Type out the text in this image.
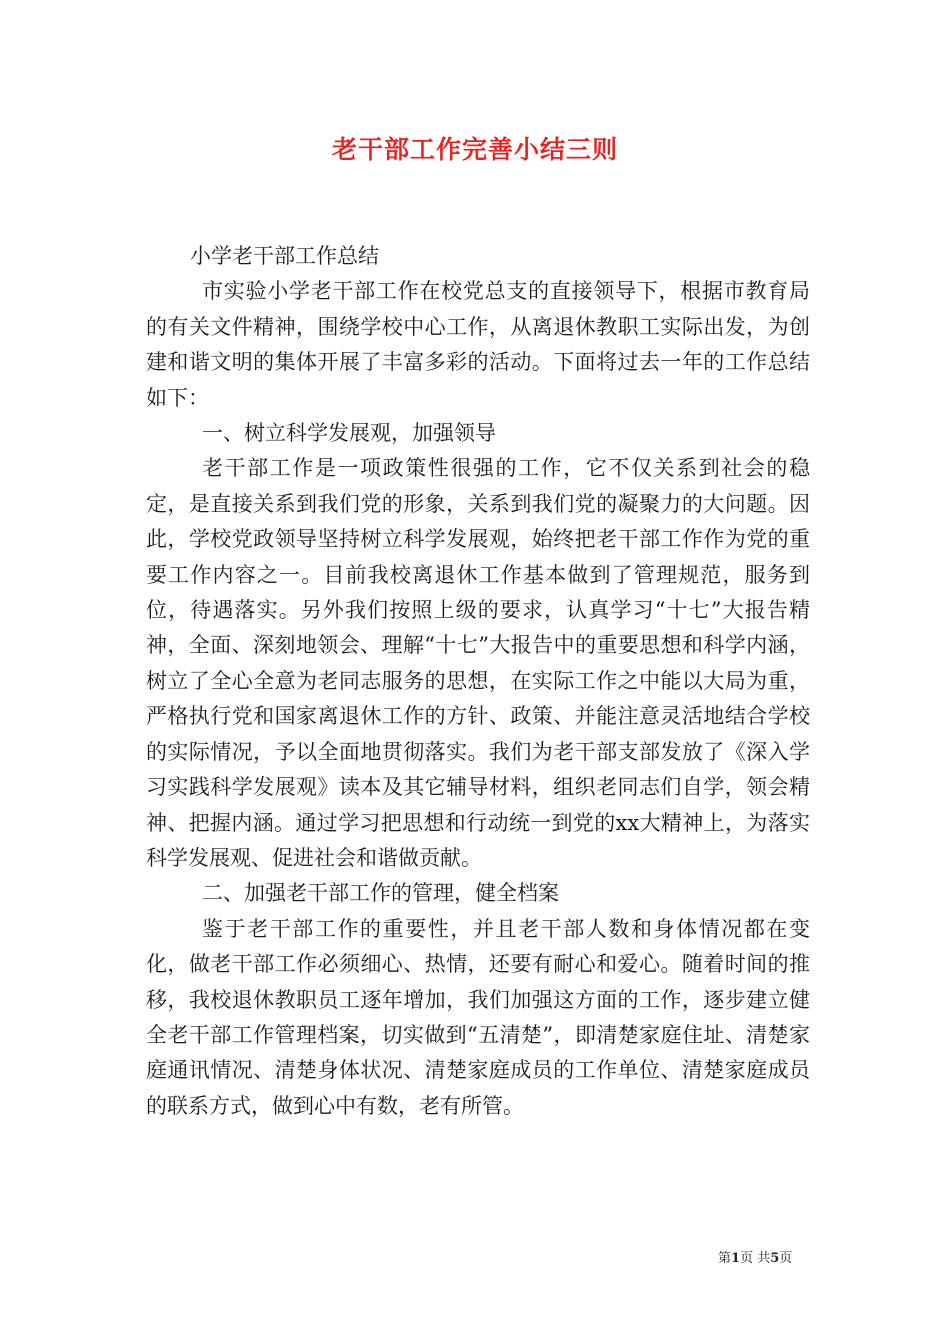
老干部工作完善小结三则

小学老干部工作总结

市实验小学老干部工作在校党总支的直接领导下，根据市教育局的有关文件精神，围绕学校中心工作，从离退休教职工实际出发，为创建和谐文明的集体开展了丰富多彩的活动。下面将过去一年的工作总结如下：

一、树立科学发展观，加强领导

老干部工作是一项政策性很强的工作，它不仅关系到社会的稳定，是直接关系到我们党的形象，关系到我们党的凝聚力的大问题。因此，学校党政领导坚持树立科学发展观，始终把老干部工作作为党的重要工作内容之一。目前我校离退休工作基本做到了管理规范，服务到位，待遇落实。另外我们按照上级的要求，认真学习“十七”大报告精神，全面、深刻地领会、理解“十七”大报告中的重要思想和科学内涵，树立了全心全意为老同志服务的思想，在实际工作之中能以大局为重，严格执行党和国家离退休工作的方针、政策、并能注意灵活地结合学校的实际情况，予以全面地贯彻落实。我们为老干部支部发放了《深入学习实践科学发展观》读本及其它辅导材料，组织老同志们自学，领会精神、把握内涵。通过学习把思想和行动统一到党的xx大精神上，为落实科学发展观、促进社会和谐做贡献。

二、加强老干部工作的管理，健全档案

鉴于老干部工作的重要性，并且老干部人数和身体情况都在变化，做老干部工作必须细心、热情，还要有耐心和爱心。随着时间的推移，我校退休教职员工逐年增加，我们加强这方面的工作，逐步建立健全老干部工作管理档案，切实做到“五清楚”，即清楚家庭住址、清楚家庭通讯情况、清楚身体状况、清楚家庭成员的工作单位、清楚家庭成员的联系方式，做到心中有数，老有所管。

第1页 共5页
